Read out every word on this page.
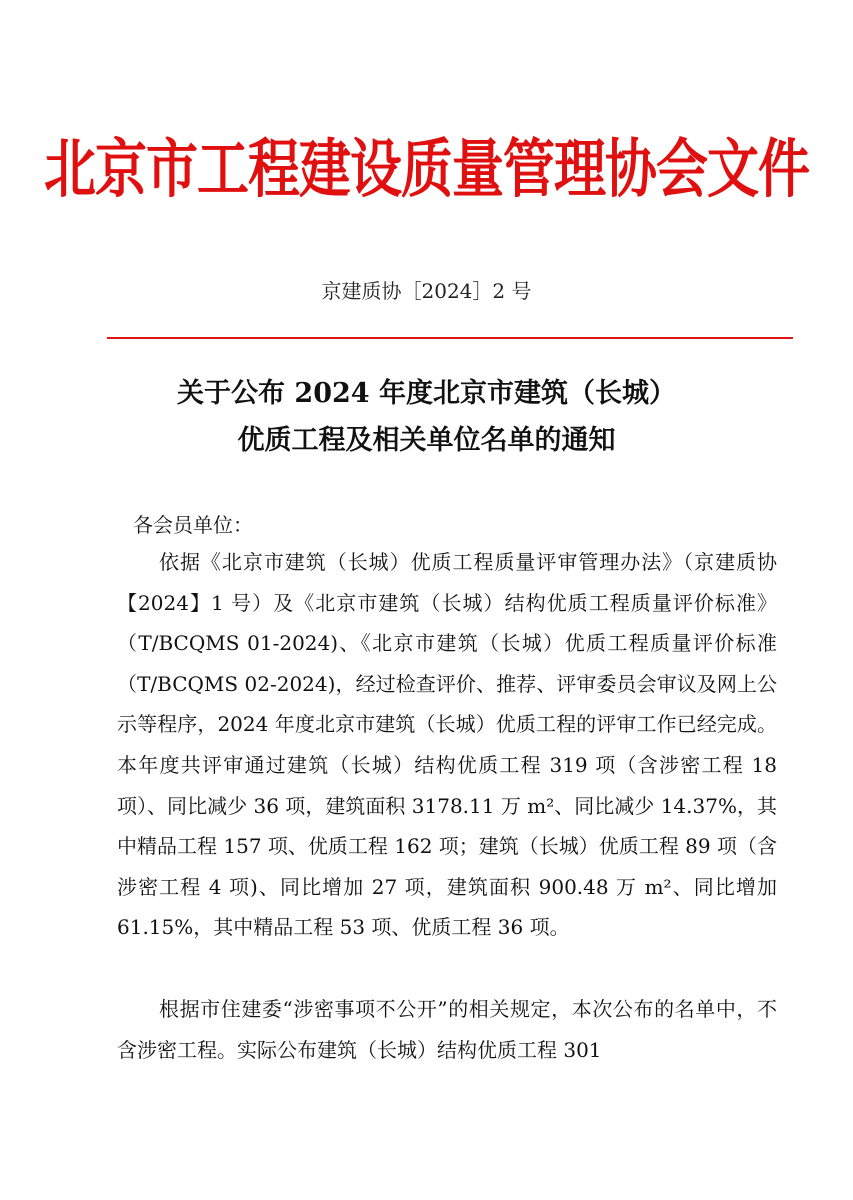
北京市工程建设质量管理协会文件
京建质协［2024］2 号
关于公布 2024 年度北京市建筑（长城）
优质工程及相关单位名单的通知
各会员单位：

依据《北京市建筑（长城）优质工程质量评审管理办法》（京建质协【2024】1 号）及《北京市建筑（长城）结构优质工程质量评价标准》（T/BCQMS 01-2024)、《北京市建筑（长城）优质工程质量评价标准（T/BCQMS 02-2024)，经过检查评价、推荐、评审委员会审议及网上公示等程序，2024 年度北京市建筑（长城）优质工程的评审工作已经完成。本年度共评审通过建筑（长城）结构优质工程 319 项（含涉密工程 18 项）、同比减少 36 项，建筑面积 3178.11 万 m²、同比减少 14.37%，其中精品工程 157 项、优质工程 162 项；建筑（长城）优质工程 89 项（含涉密工程 4 项)、同比增加 27 项，建筑面积 900.48 万 m²、同比增加 61.15%，其中精品工程 53 项、优质工程 36 项。

根据市住建委“涉密事项不公开”的相关规定，本次公布的名单中，不含涉密工程。实际公布建筑（长城）结构优质工程 301
